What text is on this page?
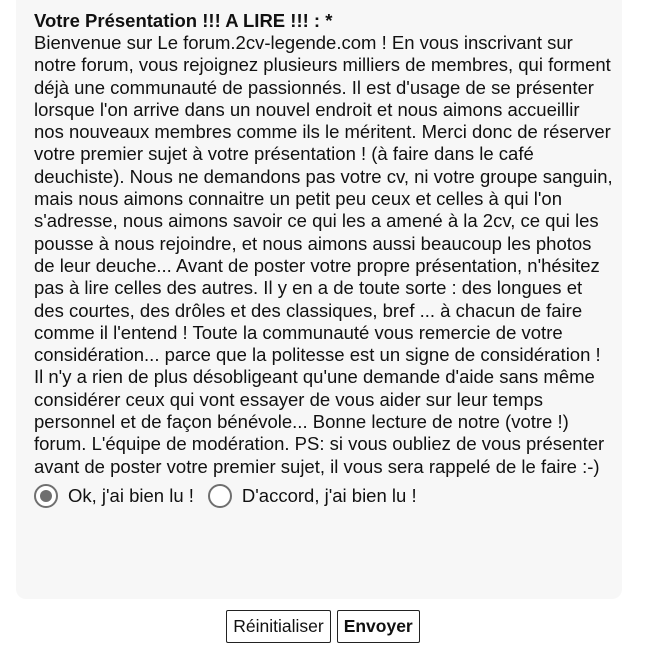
Votre Présentation !!! A LIRE !!! : *

Bienvenue sur Le forum.2cv-legende.com ! En vous inscrivant sur notre forum, vous rejoignez plusieurs milliers de membres, qui forment déjà une communauté de passionnés. Il est d'usage de se présenter lorsque l'on arrive dans un nouvel endroit et nous aimons accueillir nos nouveaux membres comme ils le méritent. Merci donc de réserver votre premier sujet à votre présentation ! (à faire dans le café deuchiste). Nous ne demandons pas votre cv, ni votre groupe sanguin, mais nous aimons connaitre un petit peu ceux et celles à qui l'on s'adresse, nous aimons savoir ce qui les a amené à la 2cv, ce qui les pousse à nous rejoindre, et nous aimons aussi beaucoup les photos de leur deuche... Avant de poster votre propre présentation, n'hésitez pas à lire celles des autres. Il y en a de toute sorte : des longues et des courtes, des drôles et des classiques, bref ... à chacun de faire comme il l'entend ! Toute la communauté vous remercie de votre considération... parce que la politesse est un signe de considération ! Il n'y a rien de plus désobligeant qu'une demande d'aide sans même considérer ceux qui vont essayer de vous aider sur leur temps personnel et de façon bénévole... Bonne lecture de notre (votre !) forum. L'équipe de modération. PS: si vous oubliez de vous présenter avant de poster votre premier sujet, il vous sera rappelé de le faire :-)

Ok, j'ai bien lu !	D'accord, j'ai bien lu !
Réinitialiser	Envoyer
